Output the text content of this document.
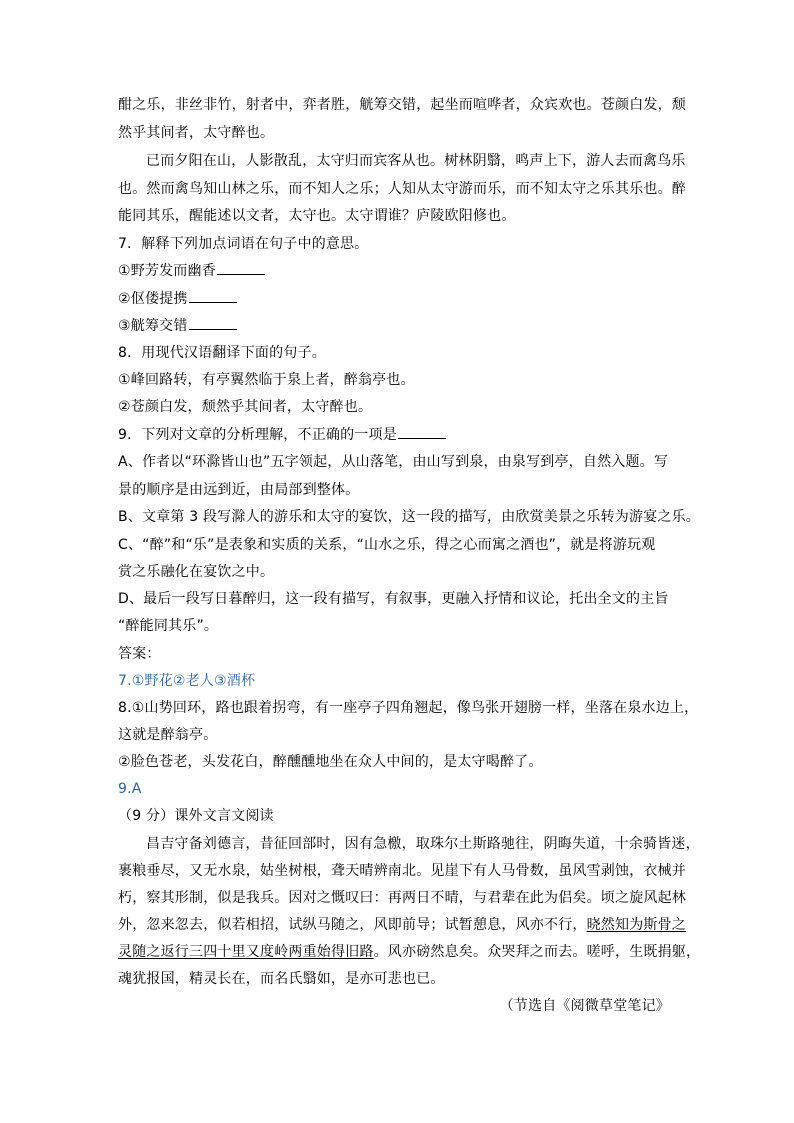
酣之乐，非丝非竹，射者中，弈者胜，觥筹交错，起坐而喧哗者，众宾欢也。苍颜白发，颓
然乎其间者，太守醉也。
已而夕阳在山，人影散乱，太守归而宾客从也。树林阴翳，鸣声上下，游人去而禽鸟乐
也。然而禽鸟知山林之乐，而不知人之乐；人知从太守游而乐，而不知太守之乐其乐也。醉
能同其乐，醒能述以文者，太守也。太守谓谁？庐陵欧阳修也。
7．解释下列加点词语在句子中的意思。
①野芳发而幽香
②伛偻提携
③觥筹交错
8．用现代汉语翻译下面的句子。
①峰回路转，有亭翼然临于泉上者，醉翁亭也。
②苍颜白发，颓然乎其间者，太守醉也。
9．下列对文章的分析理解，不正确的一项是
A、作者以“环滁皆山也”五字领起，从山落笔，由山写到泉，由泉写到亭，自然入题。写
景的顺序是由远到近，由局部到整体。
B、文章第 3 段写滁人的游乐和太守的宴饮，这一段的描写，由欣赏美景之乐转为游宴之乐。
C、“醉”和“乐”是表象和实质的关系，“山水之乐，得之心而寓之酒也”，就是将游玩观
赏之乐融化在宴饮之中。
D、最后一段写日暮醉归，这一段有描写，有叙事，更融入抒情和议论，托出全文的主旨
“醉能同其乐”。
答案：
7.①野花②老人③酒杯
8.①山势回环，路也跟着拐弯，有一座亭子四角翘起，像鸟张开翅膀一样，坐落在泉水边上，
这就是醉翁亭。
②脸色苍老，头发花白，醉醺醺地坐在众人中间的，是太守喝醉了。
9.A
（9 分）课外文言文阅读
昌吉守备刘德言，昔征回部时，因有急檄，取珠尔土斯路驰往，阴晦失道，十余骑皆迷，
裹粮垂尽，又无水泉，姑坐树根，聋天晴辨南北。见崖下有人马骨数，虽风雪剥蚀，衣械并
朽，察其形制，似是我兵。因对之慨叹曰：再两日不晴，与君辈在此为侣矣。顷之旋风起林
外，忽来忽去，似若相招，试纵马随之，风即前导；试暂憩息，风亦不行，晓然知为斯骨之
灵随之返行三四十里又度岭两重始得旧路。风亦磅然息矣。众哭拜之而去。嗟呼，生既捐躯，
魂犹报国，精灵长在，而名氏翳如，是亦可悲也已。
（节选自《阅微草堂笔记》
